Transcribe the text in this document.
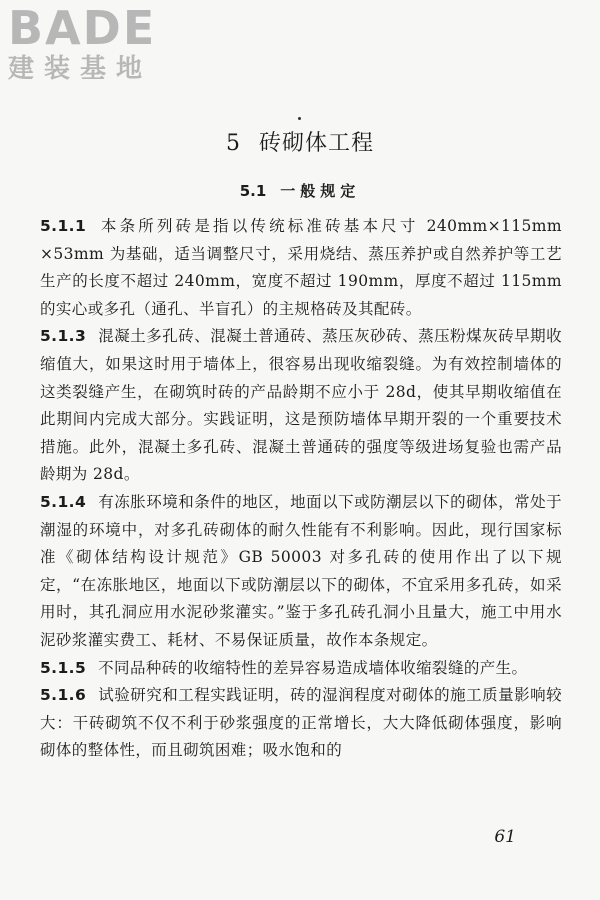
BADE
建装基地
5 砖砌体工程
5.1 一般规定

5.1.1 本条所列砖是指以传统标准砖基本尺寸 240mm×115mm ×53mm 为基础，适当调整尺寸，采用烧结、蒸压养护或自然养护等工艺生产的长度不超过 240mm，宽度不超过 190mm，厚度不超过 115mm 的实心或多孔（通孔、半盲孔）的主规格砖及其配砖。

5.1.3 混凝土多孔砖、混凝土普通砖、蒸压灰砂砖、蒸压粉煤灰砖早期收缩值大，如果这时用于墙体上，很容易出现收缩裂缝。为有效控制墙体的这类裂缝产生，在砌筑时砖的产品龄期不应小于 28d，使其早期收缩值在此期间内完成大部分。实践证明，这是预防墙体早期开裂的一个重要技术措施。此外，混凝土多孔砖、混凝土普通砖的强度等级进场复验也需产品龄期为 28d。

5.1.4 有冻胀环境和条件的地区，地面以下或防潮层以下的砌体，常处于潮湿的环境中，对多孔砖砌体的耐久性能有不利影响。因此，现行国家标准《砌体结构设计规范》GB 50003 对多孔砖的使用作出了以下规定，“在冻胀地区，地面以下或防潮层以下的砌体，不宜采用多孔砖，如采用时，其孔洞应用水泥砂浆灌实。”鉴于多孔砖孔洞小且量大，施工中用水泥砂浆灌实费工、耗材、不易保证质量，故作本条规定。

5.1.5 不同品种砖的收缩特性的差异容易造成墙体收缩裂缝的产生。

5.1.6 试验研究和工程实践证明，砖的湿润程度对砌体的施工质量影响较大：干砖砌筑不仅不利于砂浆强度的正常增长，大大降低砌体强度，影响砌体的整体性，而且砌筑困难；吸水饱和的

61
